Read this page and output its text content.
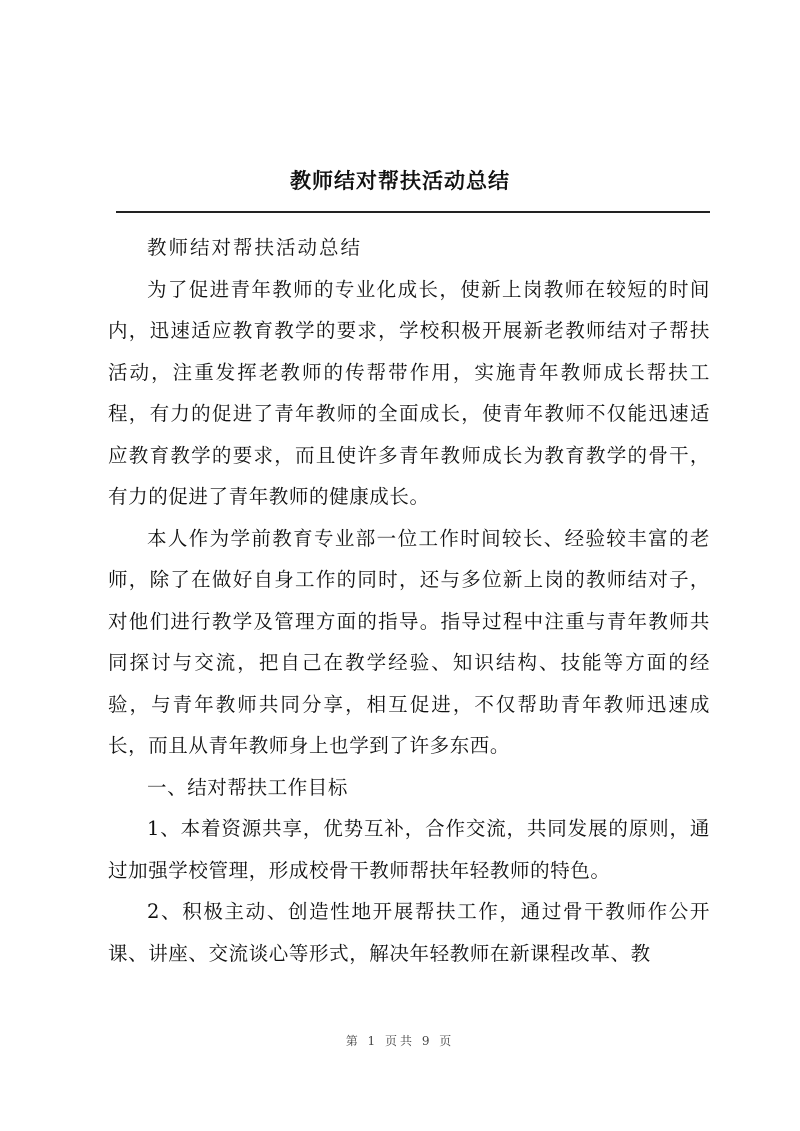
教师结对帮扶活动总结

教师结对帮扶活动总结

为了促进青年教师的专业化成长，使新上岗教师在较短的时间内，迅速适应教育教学的要求，学校积极开展新老教师结对子帮扶活动，注重发挥老教师的传帮带作用，实施青年教师成长帮扶工程，有力的促进了青年教师的全面成长，使青年教师不仅能迅速适应教育教学的要求，而且使许多青年教师成长为教育教学的骨干，有力的促进了青年教师的健康成长。

本人作为学前教育专业部一位工作时间较长、经验较丰富的老师，除了在做好自身工作的同时，还与多位新上岗的教师结对子，对他们进行教学及管理方面的指导。指导过程中注重与青年教师共同探讨与交流，把自己在教学经验、知识结构、技能等方面的经验，与青年教师共同分享，相互促进，不仅帮助青年教师迅速成长，而且从青年教师身上也学到了许多东西。

一、结对帮扶工作目标

1、本着资源共享，优势互补，合作交流，共同发展的原则，通过加强学校管理，形成校骨干教师帮扶年轻教师的特色。

2、积极主动、创造性地开展帮扶工作，通过骨干教师作公开课、讲座、交流谈心等形式，解决年轻教师在新课程改革、教

第 1 页共 9 页
